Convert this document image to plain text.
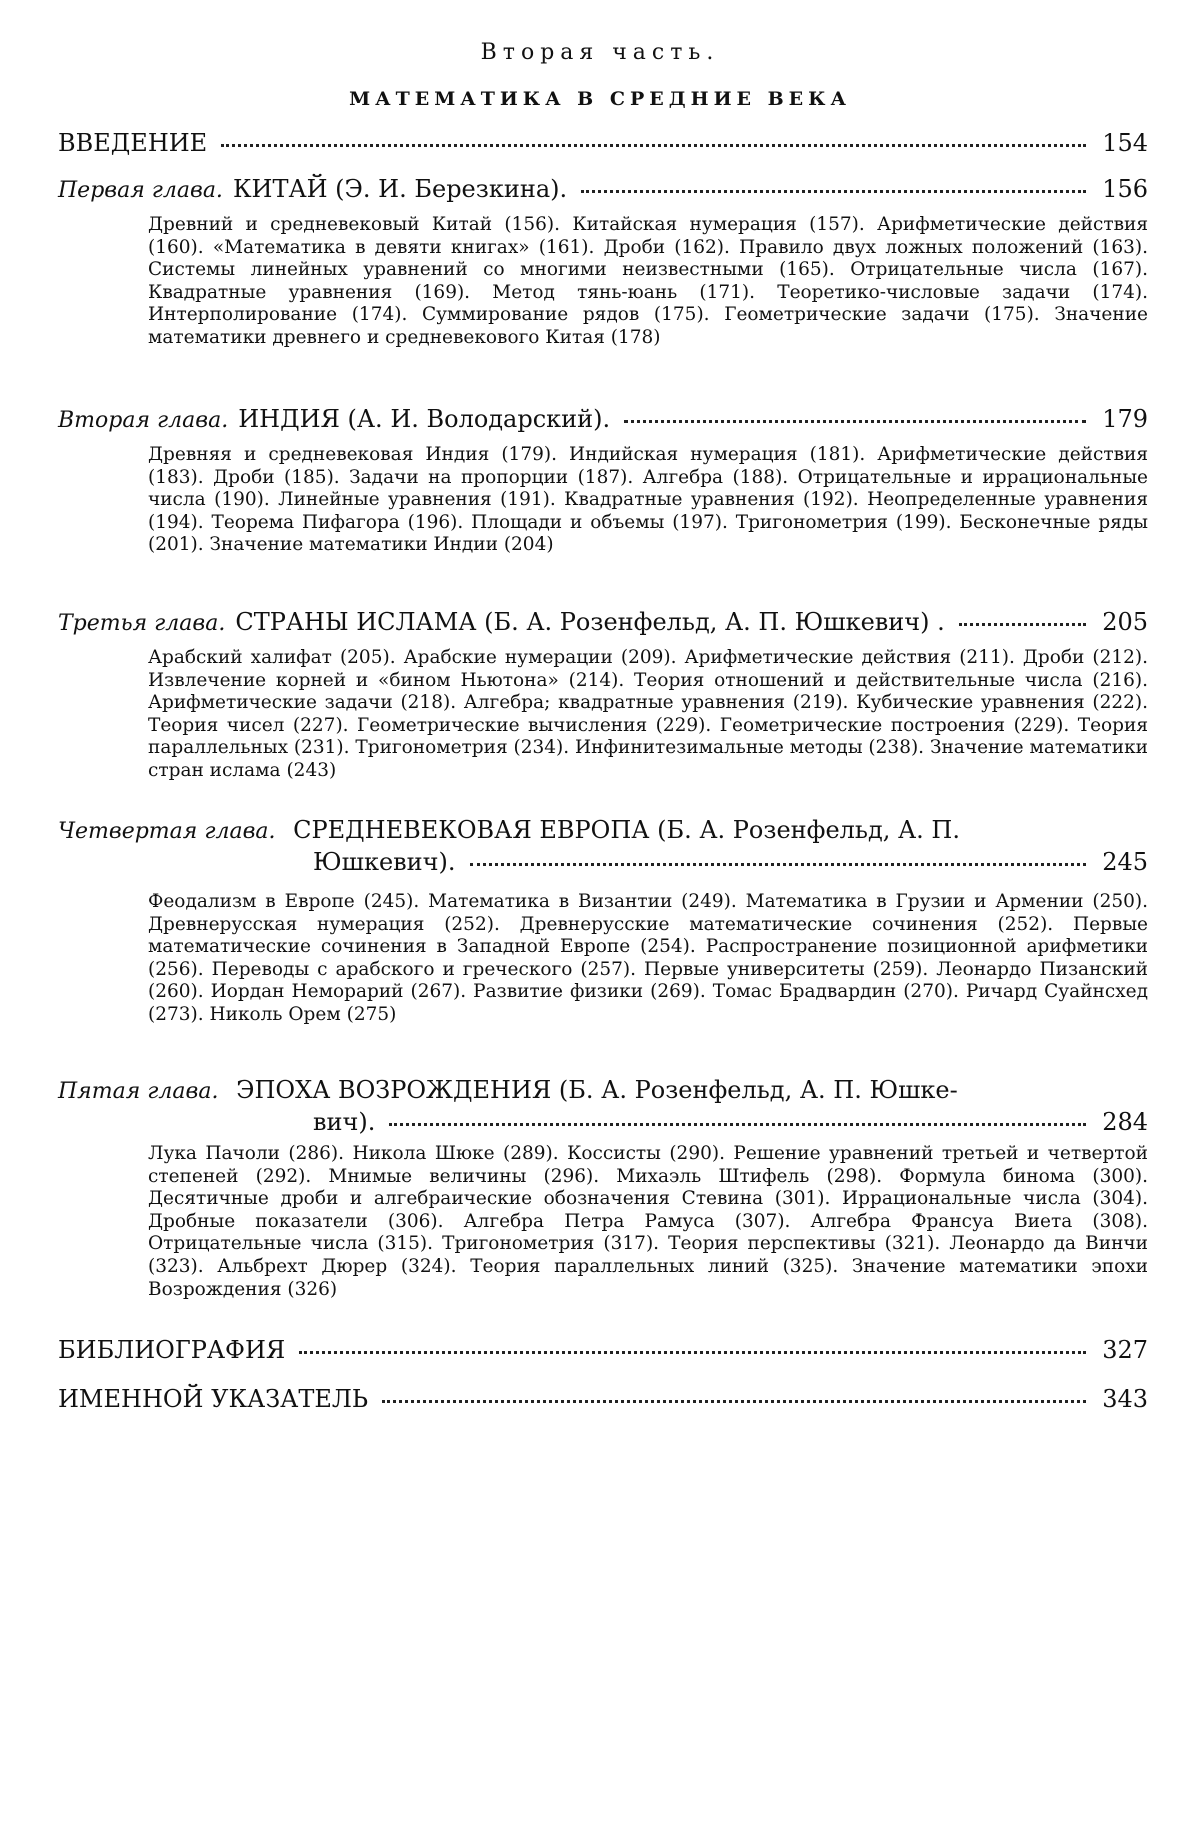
Вторая часть.
МАТЕМАТИКА В СРЕДНИЕ ВЕКА
ВВЕДЕНИЕ	154
Первая глава. КИТАЙ (Э. И. Березкина).	156
Древний и средневековый Китай (156). Китайская нумерация (157). Арифметические действия (160). «Математика в девяти книгах» (161). Дроби (162). Правило двух ложных положений (163). Системы линейных уравнений со многими неизвестными (165). Отрицательные числа (167). Квадратные уравнения (169). Метод тянь-юань (171). Теоретико-числовые задачи (174). Интерполирование (174). Суммирование рядов (175). Геометрические задачи (175). Значение математики древнего и средневекового Китая (178)
Вторая глава. ИНДИЯ (А. И. Володарский).	179
Древняя и средневековая Индия (179). Индийская нумерация (181). Арифметические действия (183). Дроби (185). Задачи на пропорции (187). Алгебра (188). Отрицательные и иррациональные числа (190). Линейные уравнения (191). Квадратные уравнения (192). Неопределенные уравнения (194). Теорема Пифагора (196). Площади и объемы (197). Тригонометрия (199). Бесконечные ряды (201). Значение математики Индии (204)
Третья глава. СТРАНЫ ИСЛАМА (Б. А. Розенфельд, А. П. Юшкевич) .	205
Арабский халифат (205). Арабские нумерации (209). Арифметические действия (211). Дроби (212). Извлечение корней и «бином Ньютона» (214). Теория отношений и действительные числа (216). Арифметические задачи (218). Алгебра; квадратные уравнения (219). Кубические уравнения (222). Теория чисел (227). Геометрические вычисления (229). Геометрические построения (229). Теория параллельных (231). Тригонометрия (234). Инфинитезимальные методы (238). Значение математики стран ислама (243)
Четвертая глава. СРЕДНЕВЕКОВАЯ ЕВРОПА (Б. А. Розенфельд, А. П.
Юшкевич).	245
Феодализм в Европе (245). Математика в Византии (249). Математика в Грузии и Армении (250). Древнерусская нумерация (252). Древнерусские математические сочинения (252). Первые математические сочинения в Западной Европе (254). Распространение позиционной арифметики (256). Переводы с арабского и греческого (257). Первые университеты (259). Леонардо Пизанский (260). Иордан Неморарий (267). Развитие физики (269). Томас Брадвардин (270). Ричард Суайнсхед (273). Николь Орем (275)
Пятая глава. ЭПОХА ВОЗРОЖДЕНИЯ (Б. А. Розенфельд, А. П. Юшке-
вич).	284
Лука Пачоли (286). Никола Шюке (289). Коссисты (290). Решение уравнений третьей и четвертой степеней (292). Мнимые величины (296). Михаэль Штифель (298). Формула бинома (300). Десятичные дроби и алгебраические обозначения Стевина (301). Иррациональные числа (304). Дробные показатели (306). Алгебра Петра Рамуса (307). Алгебра Франсуа Виета (308). Отрицательные числа (315). Тригонометрия (317). Теория перспективы (321). Леонардо да Винчи (323). Альбрехт Дюрер (324). Теория параллельных линий (325). Значение математики эпохи Возрождения (326)
БИБЛИОГРАФИЯ	327
ИМЕННОЙ УКАЗАТЕЛЬ	343
